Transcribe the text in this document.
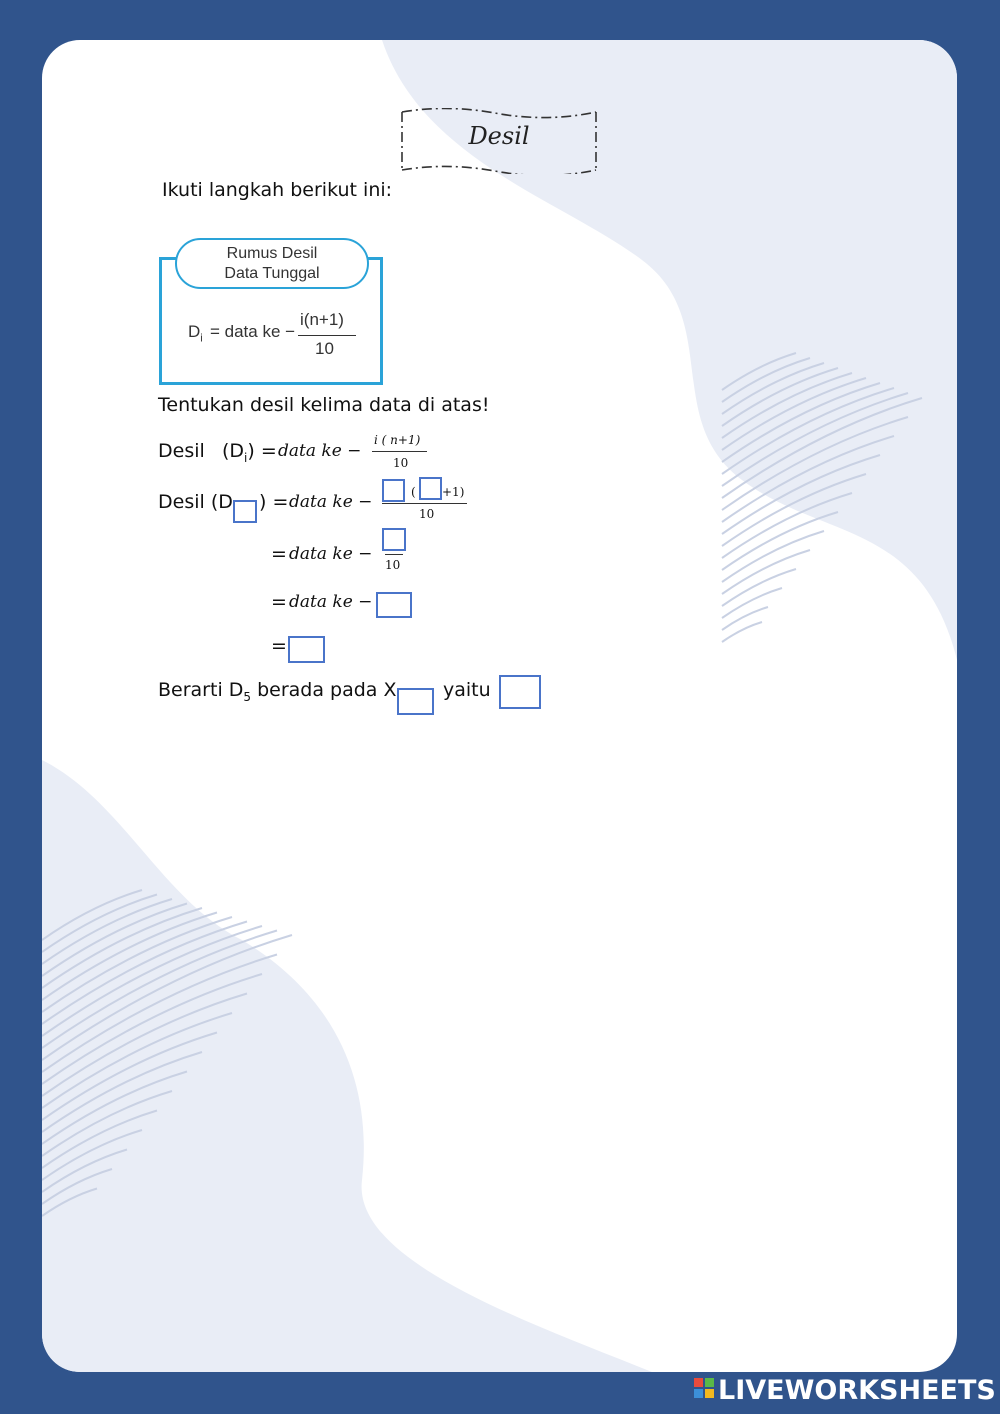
Desil
Ikuti langkah berikut ini:
$D_i$ = data ke −
i(n+1)
10
Rumus Desil
Data Tunggal
Tentukan desil kelima data di atas!
Desil $(D_i)$ = data ke −
i ( n+1)
10
Desil (D ) = data ke −	( +1)
10
= data ke −
10
= data ke −
=
Berarti $D_5$ berada pada X yaitu
LIVEWORKSHEETS
